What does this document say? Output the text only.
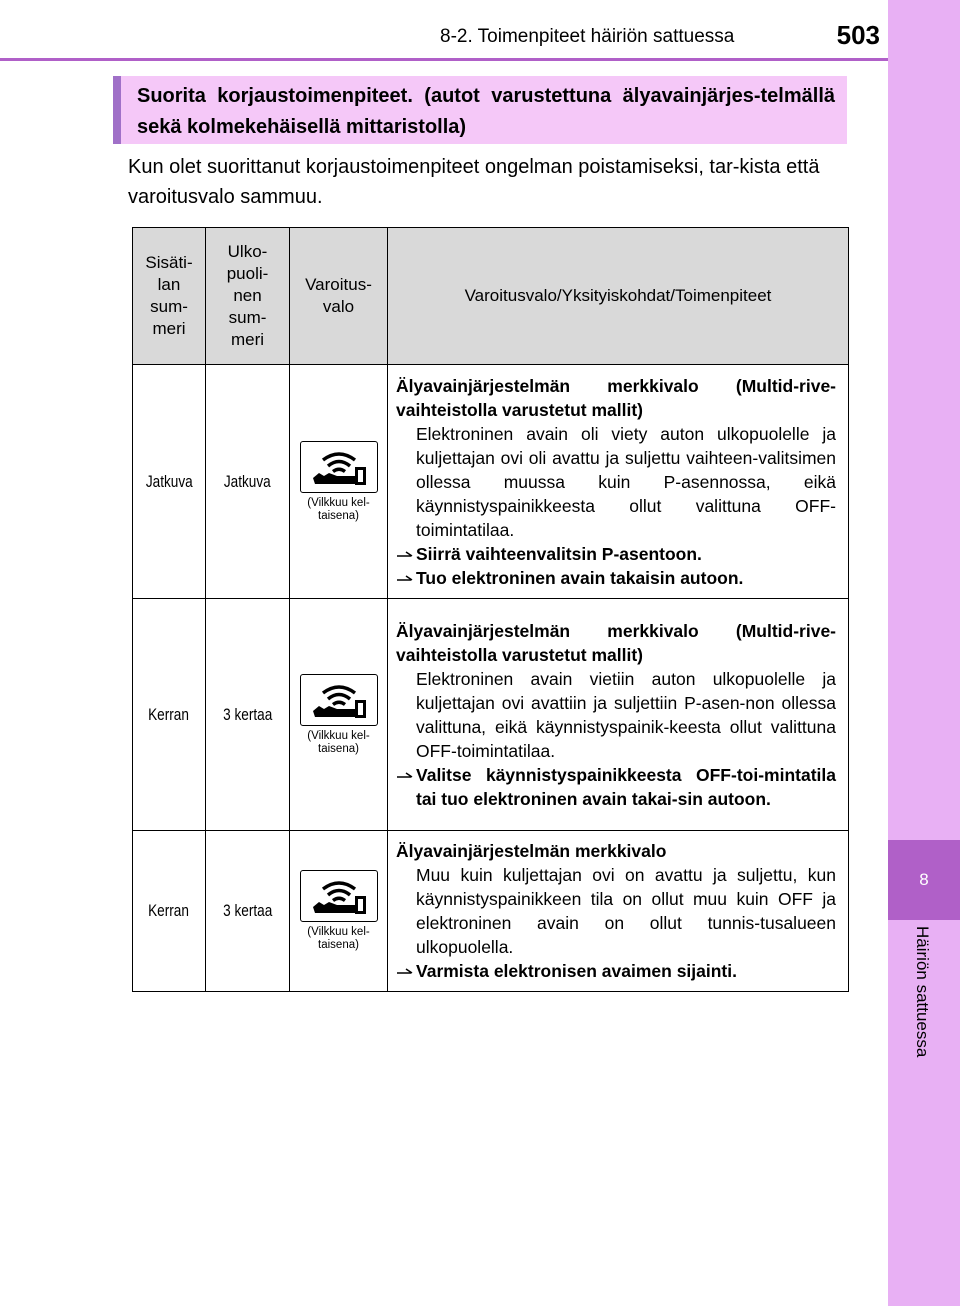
8-2. Toimenpiteet häiriön sattuessa	503
8
Häiriön sattuessa
Suorita korjaustoimenpiteet. (autot varustettuna älyavainjärjes-telmällä sekä kolmekehäisellä mittaristolla)
Kun olet suorittanut korjaustoimenpiteet ongelman poistamiseksi, tar-kista että varoitusvalo sammuu.
Sisäti-
lan
sum-
meri	Ulko-
puoli-
nen
sum-
meri	Varoitus-
valo	Varoitusvalo/Yksityiskohdat/Toimenpiteet
Jatkuva	Jatkuva	(Vilkkuu kel-taisena)	Älyavainjärjestelmän merkkivalo (Multid-rive-vaihteistolla varustetut mallit)

Elektroninen avain oli viety auton ulkopuolelle ja kuljettajan ovi oli avattu ja suljettu vaihteen-valitsimen ollessa muussa kuin P-asennossa, eikä käynnistyspainikkeesta ollut valittuna OFF-toimintatilaa.

Siirrä vaihteenvalitsin P-asentoon.

Tuo elektroninen avain takaisin autoon.

Kerran	3 kertaa	(Vilkkuu kel-taisena)	Älyavainjärjestelmän merkkivalo (Multid-rive-vaihteistolla varustetut mallit)

Elektroninen avain vietiin auton ulkopuolelle ja kuljettajan ovi avattiin ja suljettiin P-asen-non ollessa valittuna, eikä käynnistyspainik-keesta ollut valittuna OFF-toimintatilaa.

Valitse käynnistyspainikkeesta OFF-toi-mintatila tai tuo elektroninen avain takai-sin autoon.

Kerran	3 kertaa	(Vilkkuu kel-taisena)	Älyavainjärjestelmän merkkivalo

Muu kuin kuljettajan ovi on avattu ja suljettu, kun käynnistyspainikkeen tila on ollut muu kuin OFF ja elektroninen avain on ollut tunnis-tusalueen ulkopuolella.

Varmista elektronisen avaimen sijainti.
